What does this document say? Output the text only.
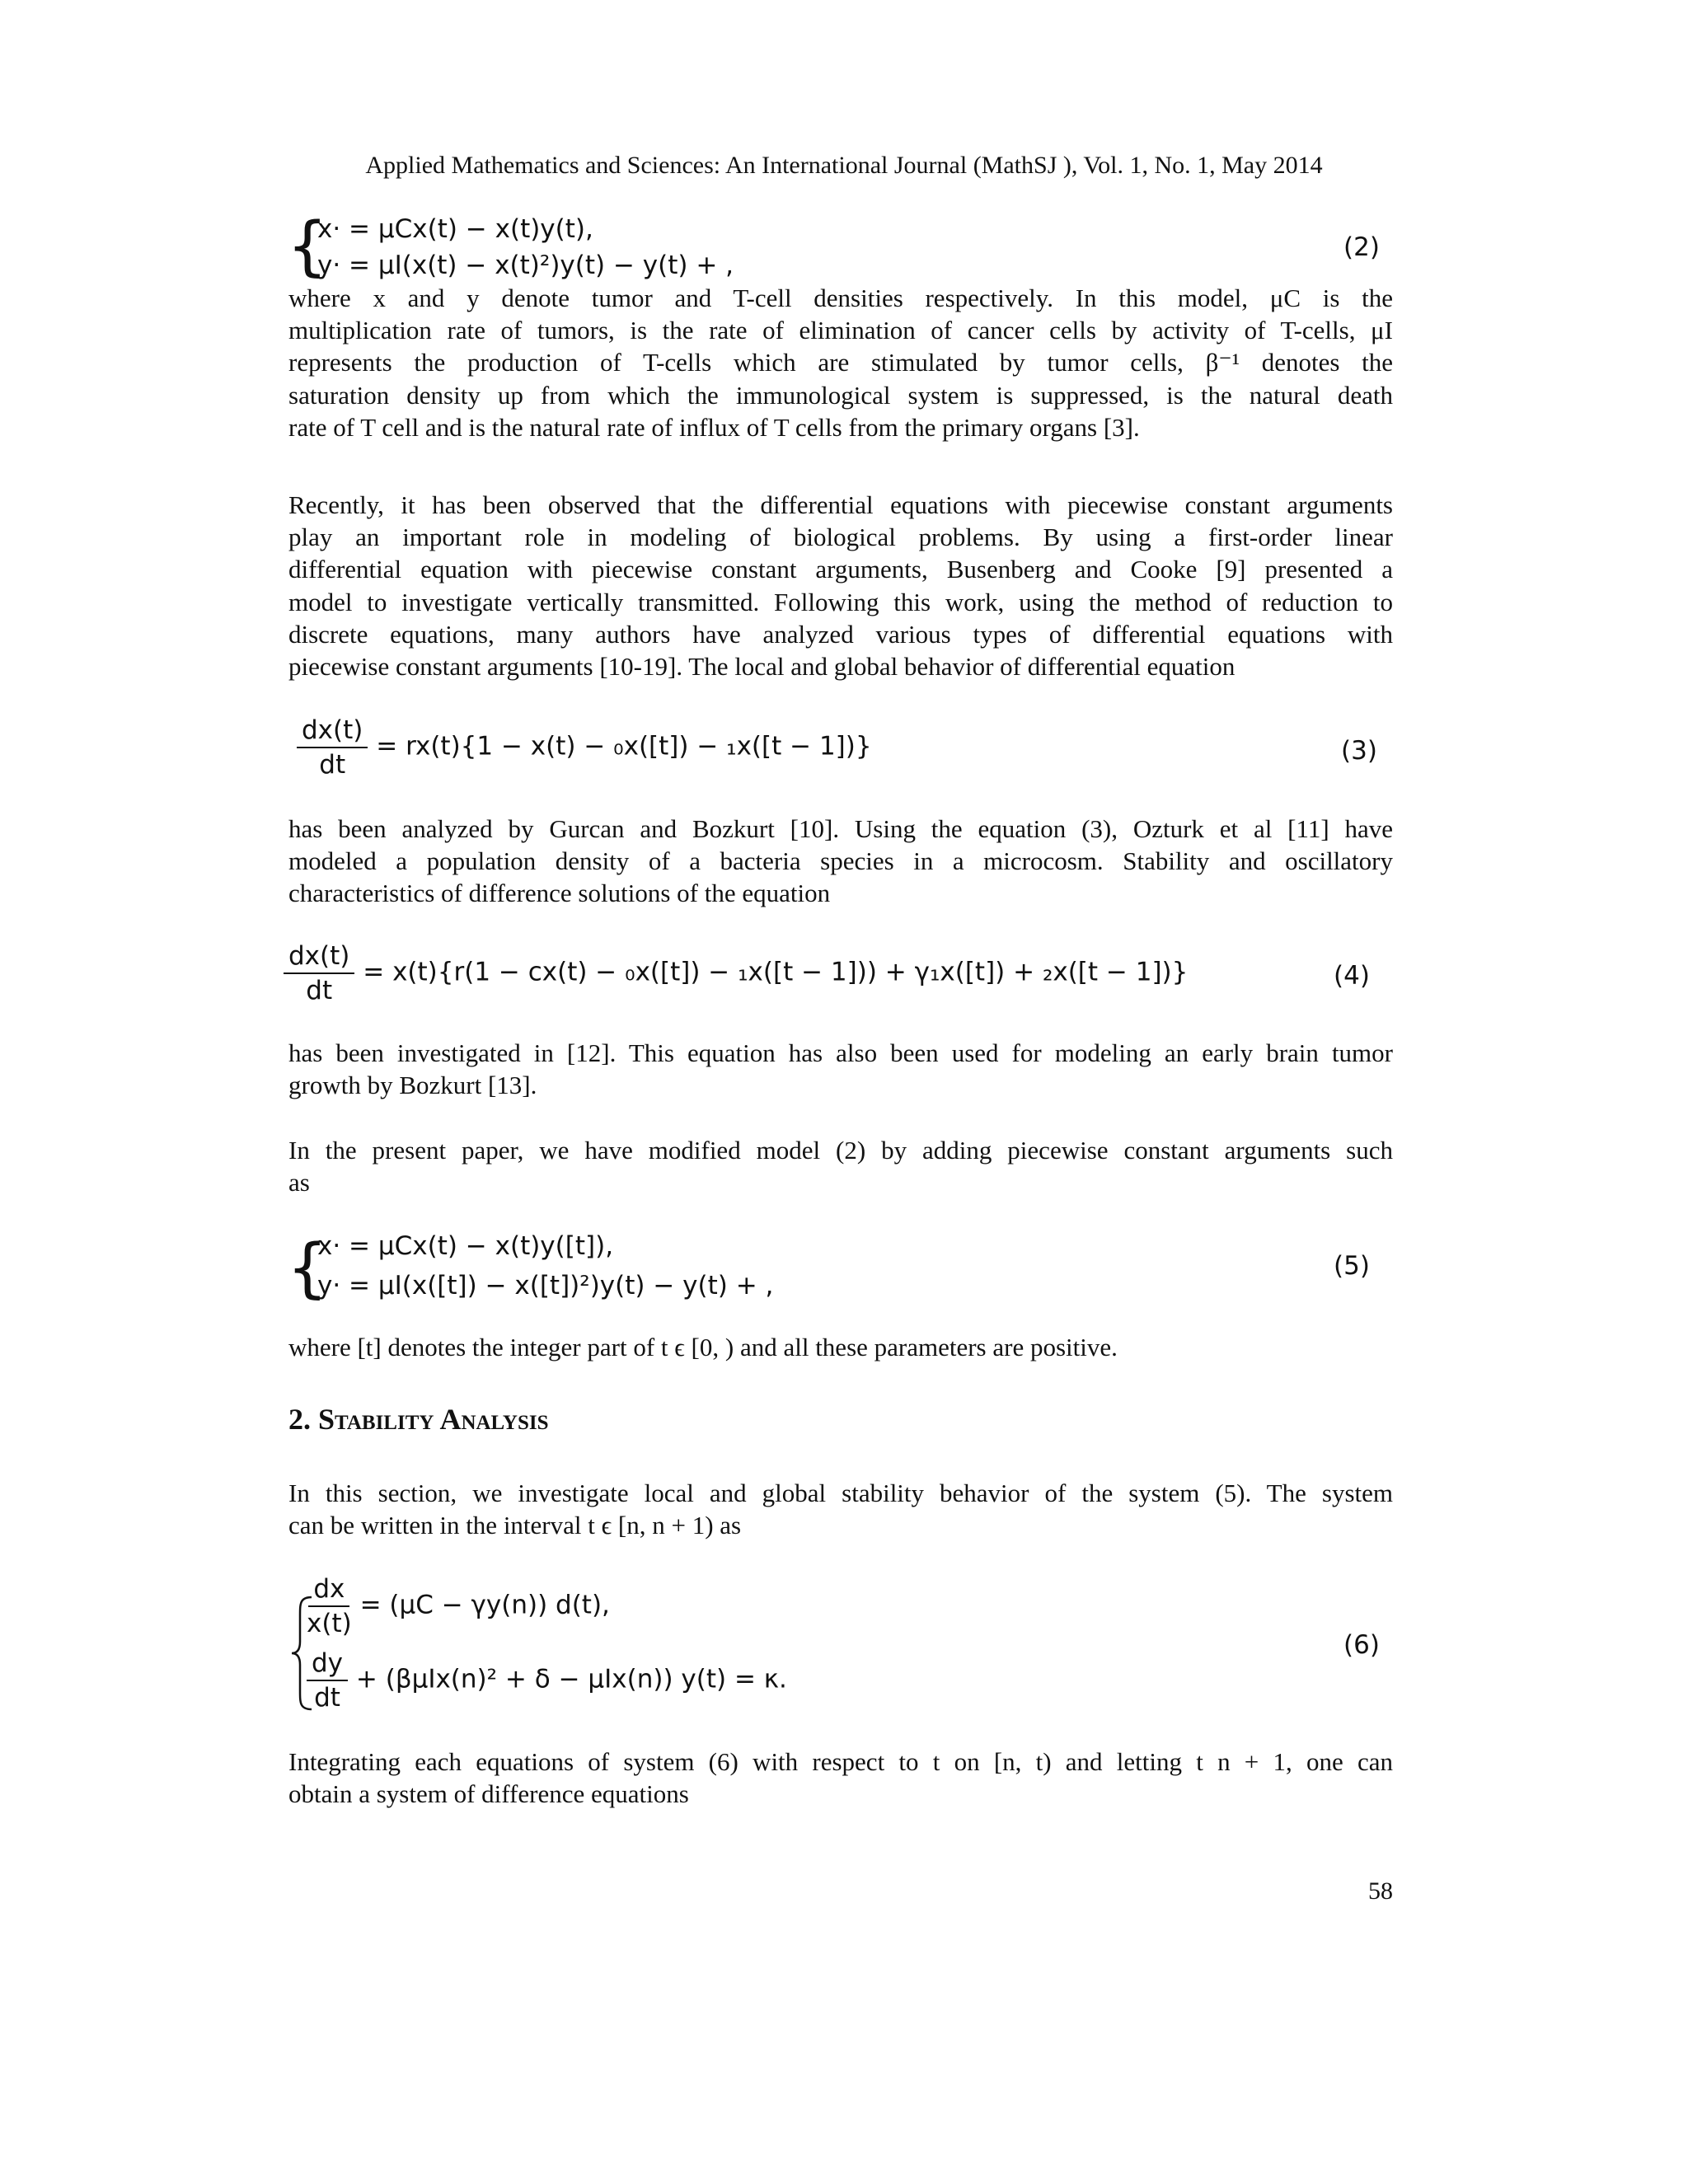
Applied Mathematics and Sciences: An International Journal (MathSJ ), Vol. 1, No. 1, May 2014
{
x· = μCx(t) − x(t)y(t),
y· = μI(x(t) − x(t)²)y(t) − y(t) + ,
(2)
where x and y denote tumor and T-cell densities respectively. In this model, μC is the
multiplication rate of tumors, is the rate of elimination of cancer cells by activity of T-cells, μI
represents the production of T-cells which are stimulated by tumor cells, β⁻¹ denotes the
saturation density up from which the immunological system is suppressed, is the natural death
rate of T cell and is the natural rate of influx of T cells from the primary organs [3].
Recently, it has been observed that the differential equations with piecewise constant arguments
play an important role in modeling of biological problems. By using a first-order linear
differential equation with piecewise constant arguments, Busenberg and Cooke [9] presented a
model to investigate vertically transmitted. Following this work, using the method of reduction to
discrete equations, many authors have analyzed various types of differential equations with
piecewise constant arguments [10-19]. The local and global behavior of differential equation
$\frac{dx(t)}{dt} = rx(t)\{1 - x(t) - _0x([t]) - _1x([t - 1])\}$	(3)
has been analyzed by Gurcan and Bozkurt [10]. Using the equation (3), Ozturk et al [11] have
modeled a population density of a bacteria species in a microcosm. Stability and oscillatory
characteristics of difference solutions of the equation
$\frac{dx(t)}{dt} = x(t)\{r(1 - cx(t) - _0x([t]) - _1x([t - 1])) + \gamma_1x([t]) + _2x([t - 1])\}$	(4)
has been investigated in [12]. This equation has also been used for modeling an early brain tumor
growth by Bozkurt [13].
In the present paper, we have modified model (2) by adding piecewise constant arguments such
as
{
x· = μCx(t) − x(t)y([t]),
y· = μI(x([t]) − x([t])²)y(t) − y(t) + ,
(5)
where [t] denotes the integer part of t ϵ [0, ) and all these parameters are positive.
2. Stability Analysis
In this section, we investigate local and global stability behavior of the system (5). The system
can be written in the interval t ϵ [n, n + 1) as
$\frac{dx}{x(t)} = (\mu C - \gamma y(n))$ d(t),
$\frac{dy}{dt} + (\beta\mu Ix(n)^2 + \delta - \mu Ix(n)) y(t) = \kappa$.
(6)
Integrating each equations of system (6) with respect to t on [n, t) and letting t n + 1, one can
obtain a system of difference equations
58
